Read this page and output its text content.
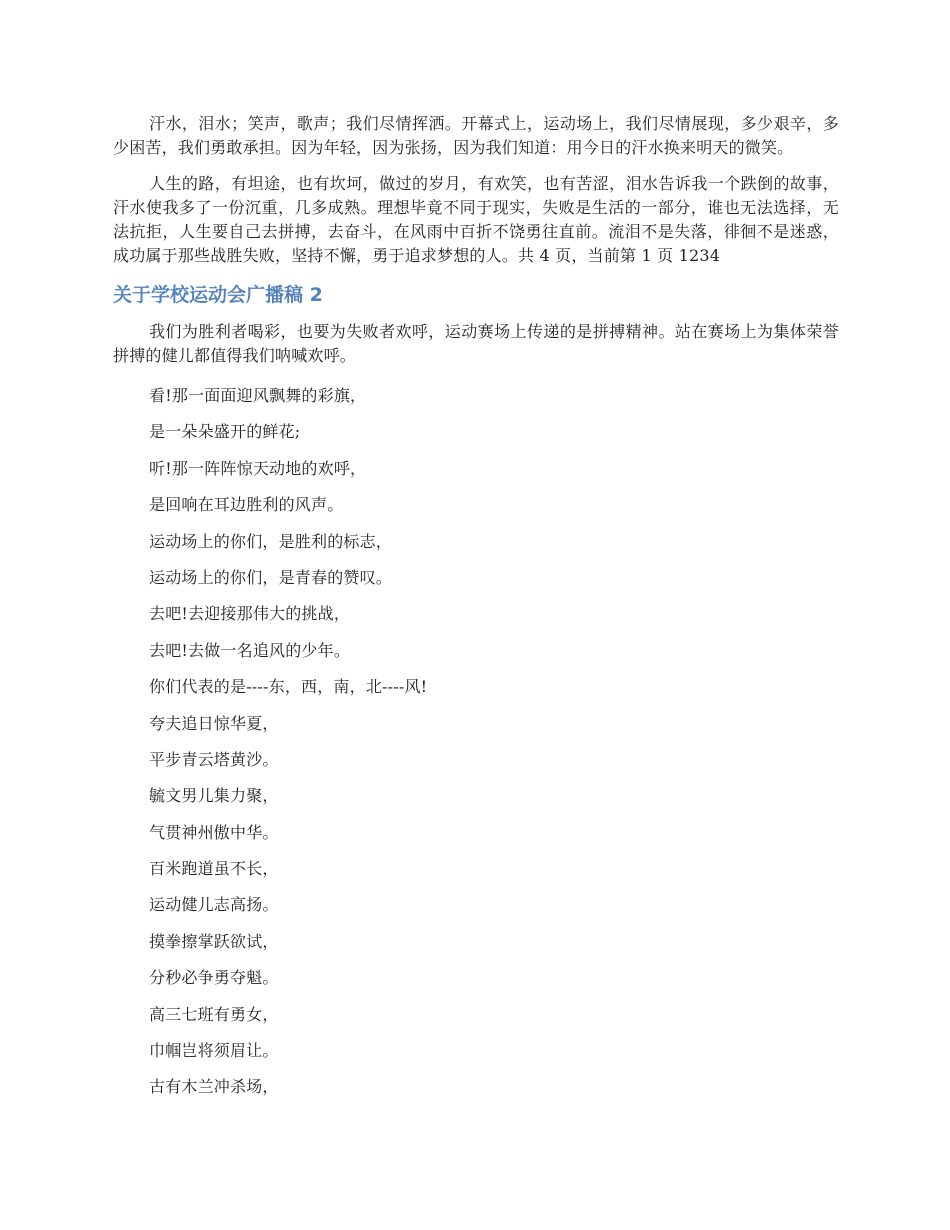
汗水，泪水；笑声，歌声；我们尽情挥洒。开幕式上，运动场上，我们尽情展现，多少艰辛，多少困苦，我们勇敢承担。因为年轻，因为张扬，因为我们知道：用今日的汗水换来明天的微笑。

人生的路，有坦途，也有坎坷，做过的岁月，有欢笑，也有苦涩，泪水告诉我一个跌倒的故事，汗水使我多了一份沉重，几多成熟。理想毕竟不同于现实，失败是生活的一部分，谁也无法选择，无法抗拒，人生要自己去拼搏，去奋斗，在风雨中百折不饶勇往直前。流泪不是失落，徘徊不是迷惑，成功属于那些战胜失败，坚持不懈，勇于追求梦想的人。共 4 页，当前第 1 页 1234

关于学校运动会广播稿 2

我们为胜利者喝彩，也要为失败者欢呼，运动赛场上传递的是拼搏精神。站在赛场上为集体荣誉拼搏的健儿都值得我们呐喊欢呼。

看!那一面面迎风飘舞的彩旗，

是一朵朵盛开的鲜花;

听!那一阵阵惊天动地的欢呼，

是回响在耳边胜利的风声。

运动场上的你们，是胜利的标志，

运动场上的你们，是青春的赞叹。

去吧!去迎接那伟大的挑战，

去吧!去做一名追风的少年。

你们代表的是----东，西，南，北----风!

夸夫追日惊华夏，

平步青云塔黄沙。

毓文男儿集力聚，

气贯神州傲中华。

百米跑道虽不长，

运动健儿志高扬。

摸拳擦掌跃欲试，

分秒必争勇夺魁。

高三七班有勇女，

巾帼岂将须眉让。

古有木兰冲杀场，
